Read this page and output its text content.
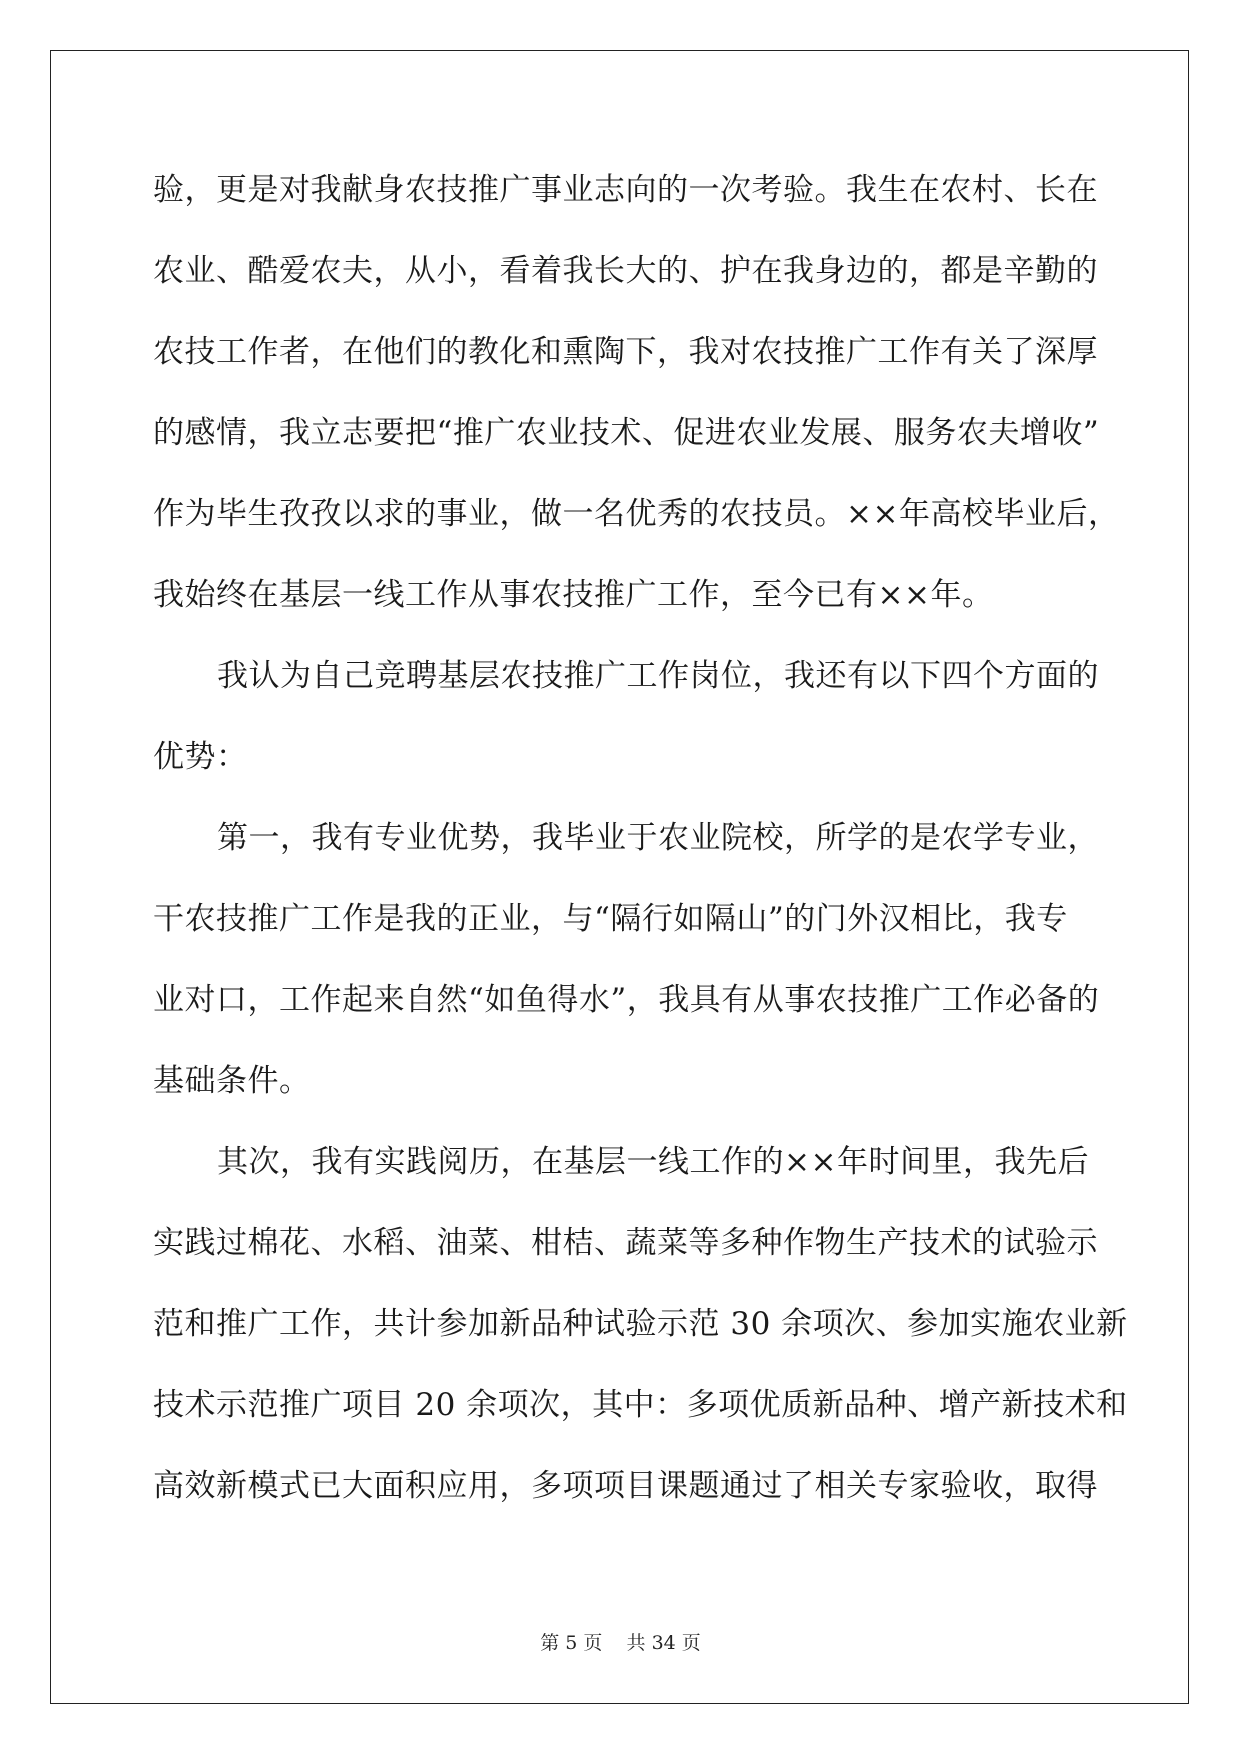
验，更是对我献身农技推广事业志向的一次考验。我生在农村、长在
农业、酷爱农夫，从小，看着我长大的、护在我身边的，都是辛勤的
农技工作者，在他们的教化和熏陶下，我对农技推广工作有关了深厚
的感情，我立志要把“推广农业技术、促进农业发展、服务农夫增收”
作为毕生孜孜以求的事业，做一名优秀的农技员。××年高校毕业后，
我始终在基层一线工作从事农技推广工作，至今已有××年。
我认为自己竞聘基层农技推广工作岗位，我还有以下四个方面的
优势：
第一，我有专业优势，我毕业于农业院校，所学的是农学专业，
干农技推广工作是我的正业，与“隔行如隔山”的门外汉相比，我专
业对口，工作起来自然“如鱼得水”，我具有从事农技推广工作必备的
基础条件。
其次，我有实践阅历，在基层一线工作的××年时间里，我先后
实践过棉花、水稻、油菜、柑桔、蔬菜等多种作物生产技术的试验示
范和推广工作，共计参加新品种试验示范 30 余项次、参加实施农业新
技术示范推广项目 20 余项次，其中：多项优质新品种、增产新技术和
高效新模式已大面积应用，多项项目课题通过了相关专家验收，取得
第 5 页 共 34 页
